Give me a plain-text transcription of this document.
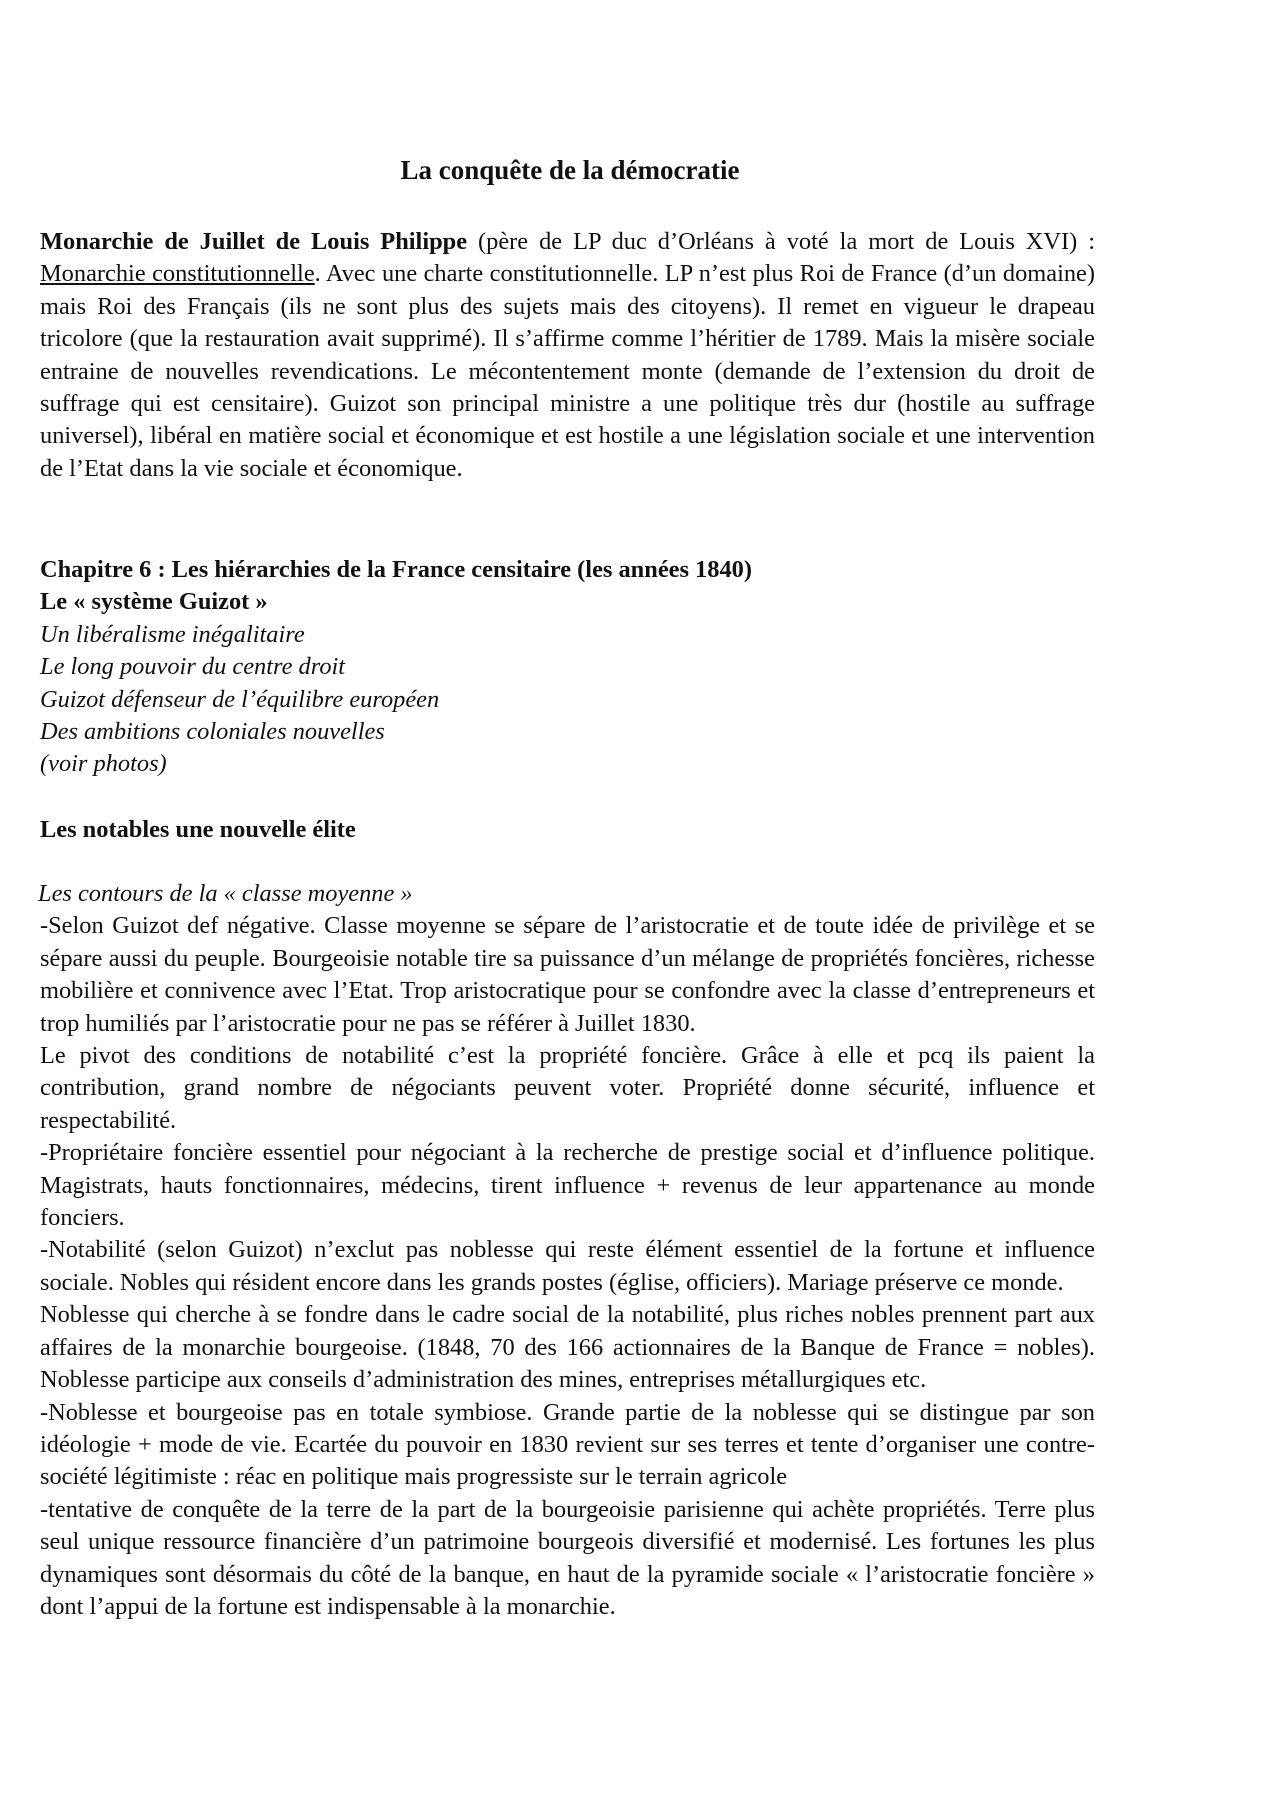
La conquête de la démocratie

Monarchie de Juillet de Louis Philippe (père de LP duc d’Orléans à voté la mort de Louis XVI) : Monarchie constitutionnelle. Avec une charte constitutionnelle. LP n’est plus Roi de France (d’un domaine) mais Roi des Français (ils ne sont plus des sujets mais des citoyens). Il remet en vigueur le drapeau tricolore (que la restauration avait supprimé). Il s’affirme comme l’héritier de 1789. Mais la misère sociale entraine de nouvelles revendications. Le mécontentement monte (demande de l’extension du droit de suffrage qui est censitaire). Guizot son principal ministre a une politique très dur (hostile au suffrage universel), libéral en matière social et économique et est hostile a une législation sociale et une intervention de l’Etat dans la vie sociale et économique.

Chapitre 6 : Les hiérarchies de la France censitaire (les années 1840)

Le « système Guizot »

Un libéralisme inégalitaire

Le long pouvoir du centre droit

Guizot défenseur de l’équilibre européen

Des ambitions coloniales nouvelles

(voir photos)

Les notables une nouvelle élite

Les contours de la « classe moyenne »

-Selon Guizot def négative. Classe moyenne se sépare de l’aristocratie et de toute idée de privilège et se sépare aussi du peuple. Bourgeoisie notable tire sa puissance d’un mélange de propriétés foncières, richesse mobilière et connivence avec l’Etat. Trop aristocratique pour se confondre avec la classe d’entrepreneurs et trop humiliés par l’aristocratie pour ne pas se référer à Juillet 1830.

Le pivot des conditions de notabilité c’est la propriété foncière. Grâce à elle et pcq ils paient la contribution, grand nombre de négociants peuvent voter. Propriété donne sécurité, influence et respectabilité.

-Propriétaire foncière essentiel pour négociant à la recherche de prestige social et d’influence politique. Magistrats, hauts fonctionnaires, médecins, tirent influence + revenus de leur appartenance au monde fonciers.

-Notabilité (selon Guizot) n’exclut pas noblesse qui reste élément essentiel de la fortune et influence sociale. Nobles qui résident encore dans les grands postes (église, officiers). Mariage préserve ce monde.

Noblesse qui cherche à se fondre dans le cadre social de la notabilité, plus riches nobles prennent part aux affaires de la monarchie bourgeoise. (1848, 70 des 166 actionnaires de la Banque de France = nobles). Noblesse participe aux conseils d’administration des mines, entreprises métallurgiques etc.

-Noblesse et bourgeoise pas en totale symbiose. Grande partie de la noblesse qui se distingue par son idéologie + mode de vie. Ecartée du pouvoir en 1830 revient sur ses terres et tente d’organiser une contre-société légitimiste : réac en politique mais progressiste sur le terrain agricole

-tentative de conquête de la terre de la part de la bourgeoisie parisienne qui achète propriétés. Terre plus seul unique ressource financière d’un patrimoine bourgeois diversifié et modernisé. Les fortunes les plus dynamiques sont désormais du côté de la banque, en haut de la pyramide sociale « l’aristocratie foncière » dont l’appui de la fortune est indispensable à la monarchie.
